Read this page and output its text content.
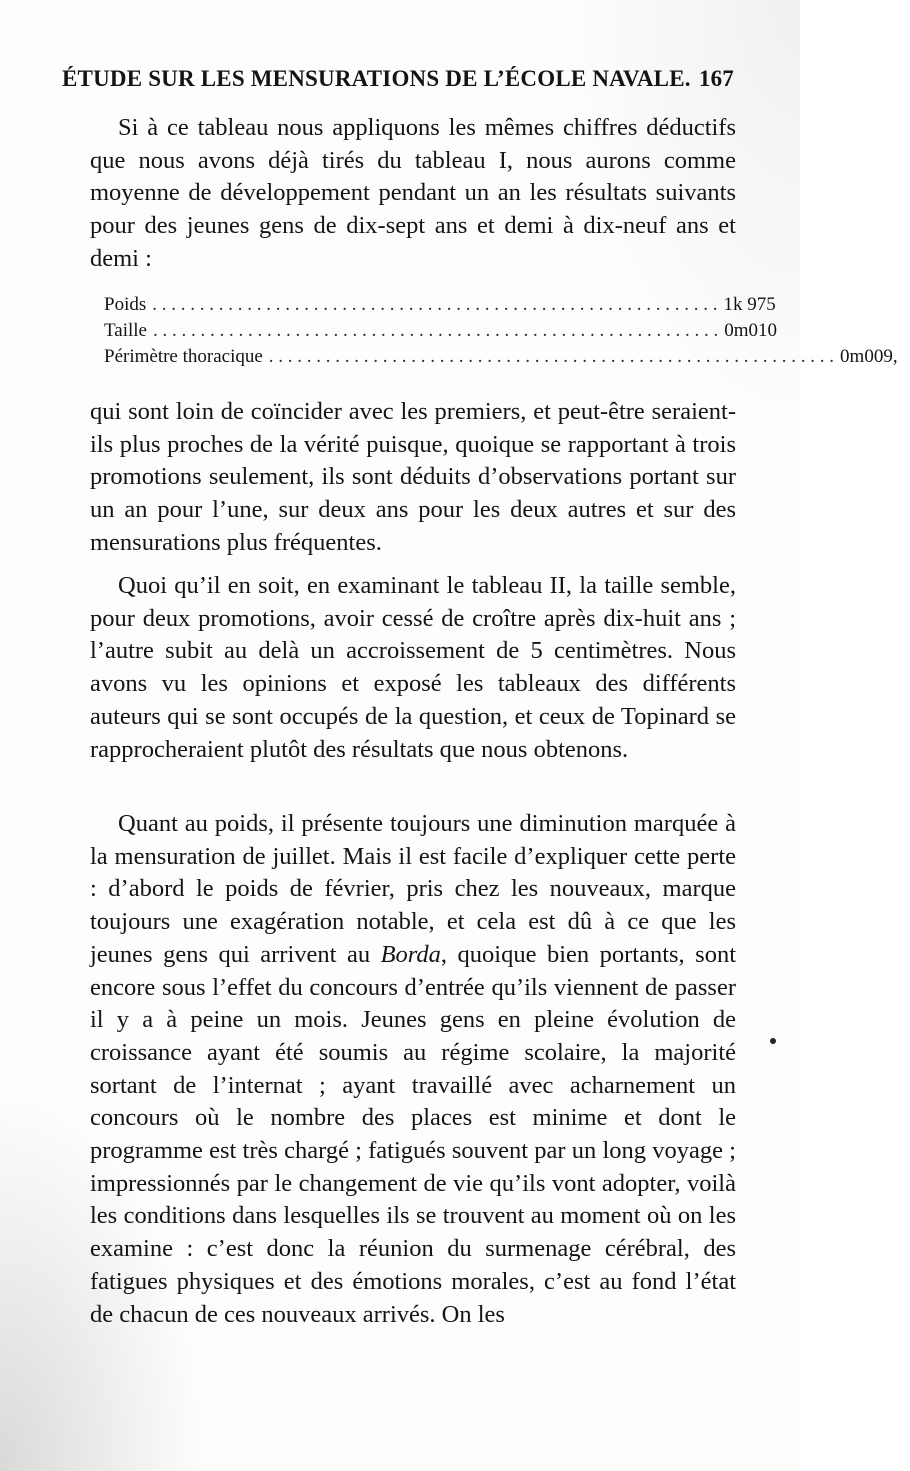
ÉTUDE SUR LES MENSURATIONS DE L’ÉCOLE NAVALE. 167

Si à ce tableau nous appliquons les mêmes chiffres déductifs que nous avons déjà tirés du tableau I, nous aurons comme moyenne de développement pendant un an les résultats suivants pour des jeunes gens de dix-sept ans et demi à dix-neuf ans et demi :

Poids . . . . . . . . . . . . . . . . . . . . . . . . . . . . . . . . . . . . . . . . . . . . . . . . . . . . . . . . . . . . 1k 975
Taille . . . . . . . . . . . . . . . . . . . . . . . . . . . . . . . . . . . . . . . . . . . . . . . . . . . . . . . . . . . . 0m010
Périmètre thoracique . . . . . . . . . . . . . . . . . . . . . . . . . . . . . . . . . . . . . . . . . . . . . . . . . . . . . . . . . . . . 0m009,

qui sont loin de coïncider avec les premiers, et peut-être seraient-ils plus proches de la vérité puisque, quoique se rapportant à trois promotions seulement, ils sont déduits d’observations portant sur un an pour l’une, sur deux ans pour les deux autres et sur des mensurations plus fréquentes.

Quoi qu’il en soit, en examinant le tableau II, la taille semble, pour deux promotions, avoir cessé de croître après dix-huit ans ; l’autre subit au delà un accroissement de 5 centimètres. Nous avons vu les opinions et exposé les tableaux des différents auteurs qui se sont occupés de la question, et ceux de Topinard se rapprocheraient plutôt des résultats que nous obtenons.

Quant au poids, il présente toujours une diminution marquée à la mensuration de juillet. Mais il est facile d’expliquer cette perte : d’abord le poids de février, pris chez les nouveaux, marque toujours une exagération notable, et cela est dû à ce que les jeunes gens qui arrivent au Borda, quoique bien portants, sont encore sous l’effet du concours d’entrée qu’ils viennent de passer il y a à peine un mois. Jeunes gens en pleine évolution de croissance ayant été soumis au régime scolaire, la majorité sortant de l’internat ; ayant travaillé avec acharnement un concours où le nombre des places est minime et dont le programme est très chargé ; fatigués souvent par un long voyage ; impressionnés par le changement de vie qu’ils vont adopter, voilà les conditions dans lesquelles ils se trouvent au moment où on les examine : c’est donc la réunion du surmenage cérébral, des fatigues physiques et des émotions morales, c’est au fond l’état de chacun de ces nouveaux arrivés. On les
